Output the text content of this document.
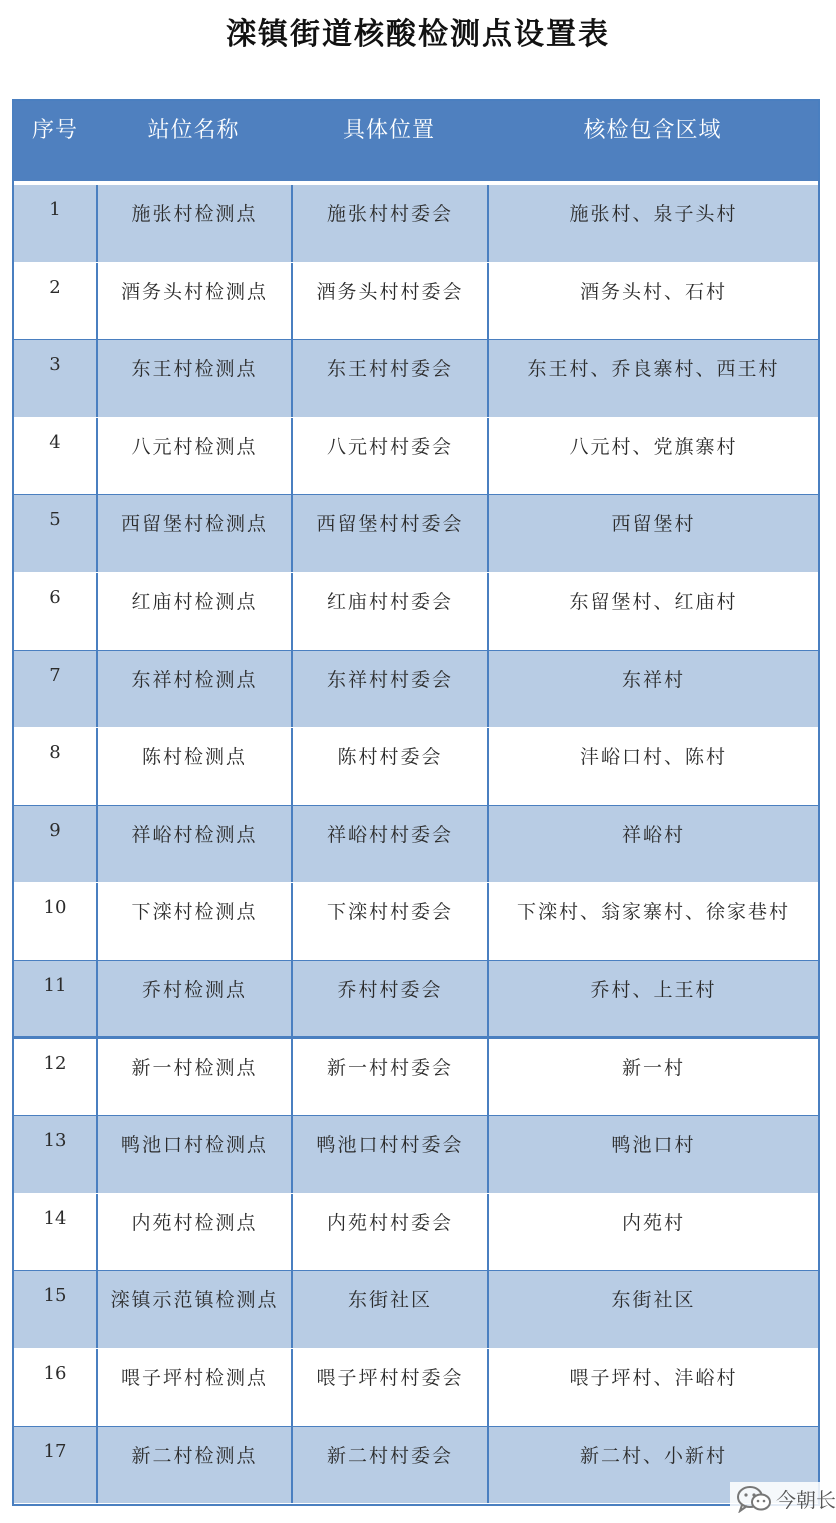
滦镇街道核酸检测点设置表
序号	站位名称	具体位置	核检包含区域
1	施张村检测点	施张村村委会	施张村、泉子头村
2	酒务头村检测点	酒务头村村委会	酒务头村、石村
3	东王村检测点	东王村村委会	东王村、乔良寨村、西王村
4	八元村检测点	八元村村委会	八元村、党旗寨村
5	西留堡村检测点	西留堡村村委会	西留堡村
6	红庙村检测点	红庙村村委会	东留堡村、红庙村
7	东祥村检测点	东祥村村委会	东祥村
8	陈村检测点	陈村村委会	沣峪口村、陈村
9	祥峪村检测点	祥峪村村委会	祥峪村
10	下滦村检测点	下滦村村委会	下滦村、翁家寨村、徐家巷村
11	乔村检测点	乔村村委会	乔村、上王村
12	新一村检测点	新一村村委会	新一村
13	鸭池口村检测点	鸭池口村村委会	鸭池口村
14	内苑村检测点	内苑村村委会	内苑村
15	滦镇示范镇检测点	东街社区	东街社区
16	喂子坪村检测点	喂子坪村村委会	喂子坪村、沣峪村
17	新二村检测点	新二村村委会	新二村、小新村
今朝长
